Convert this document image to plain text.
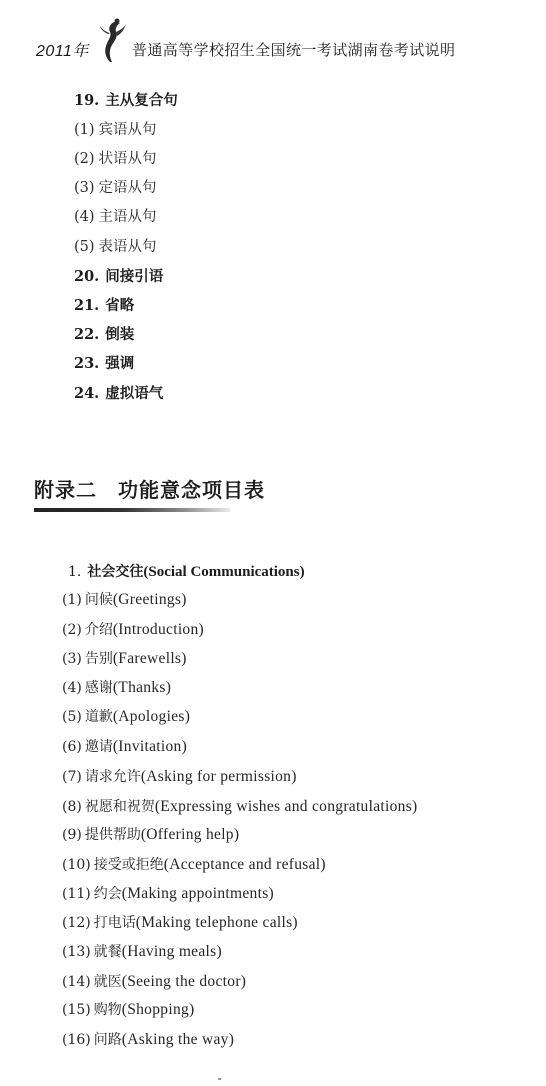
2011年	普通高等学校招生全国统一考试湖南卷考试说明
19. 主从复合句
(1) 宾语从句
(2) 状语从句
(3) 定语从句
(4) 主语从句
(5) 表语从句
20. 间接引语
21. 省略
22. 倒装
23. 强调
24. 虚拟语气
附录二　功能意念项目表
1. 社会交往(Social Communications)
(1) 问候(Greetings)
(2) 介绍(Introduction)
(3) 告别(Farewells)
(4) 感谢(Thanks)
(5) 道歉(Apologies)
(6) 邀请(Invitation)
(7) 请求允许(Asking for permission)
(8) 祝愿和祝贺(Expressing wishes and congratulations)
(9) 提供帮助(Offering help)
(10) 接受或拒绝(Acceptance and refusal)
(11) 约会(Making appointments)
(12) 打电话(Making telephone calls)
(13) 就餐(Having meals)
(14) 就医(Seeing the doctor)
(15) 购物(Shopping)
(16) 问路(Asking the way)
